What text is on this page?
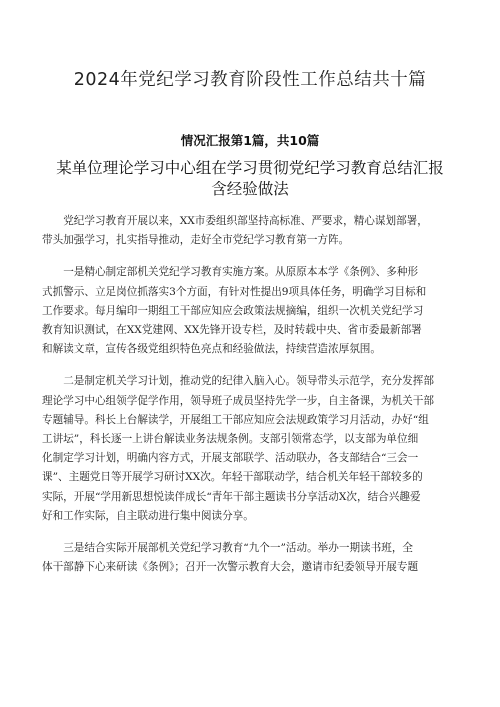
2024年党纪学习教育阶段性工作总结共十篇
情况汇报第1篇，共10篇
某单位理论学习中心组在学习贯彻党纪学习教育总结汇报
含经验做法
党纪学习教育开展以来，XX市委组织部坚持高标准、严要求，精心谋划部署，
带头加强学习，扎实指导推动，走好全市党纪学习教育第一方阵。
一是精心制定部机关党纪学习教育实施方案。从原原本本学《条例》、多种形
式抓警示、立足岗位抓落实3个方面，有针对性提出9项具体任务，明确学习目标和
工作要求。每月编印一期组工干部应知应会政策法规摘编，组织一次机关党纪学习
教育知识测试，在XX党建网、XX先锋开设专栏，及时转载中央、省市委最新部署
和解读文章，宣传各级党组织特色亮点和经验做法，持续营造浓厚氛围。
二是制定机关学习计划，推动党的纪律入脑入心。领导带头示范学，充分发挥部
理论学习中心组领学促学作用，领导班子成员坚持先学一步，自主备课，为机关干部
专题辅导。科长上台解读学，开展组工干部应知应会法规政策学习月活动，办好“组
工讲坛”，科长逐一上讲台解读业务法规条例。支部引领常态学，以支部为单位细
化制定学习计划，明确内容方式，开展支部联学、活动联办，各支部结合“三会一
课”、主题党日等开展学习研讨XX次。年轻干部联动学，结合机关年轻干部较多的
实际，开展“学用新思想悦读伴成长“青年干部主题读书分享活动X次，结合兴趣爱
好和工作实际，自主联动进行集中阅读分享。
三是结合实际开展部机关党纪学习教育“九个一”活动。举办一期读书班，全
体干部静下心来研读《条例》；召开一次警示教育大会，邀请市纪委领导开展专题
